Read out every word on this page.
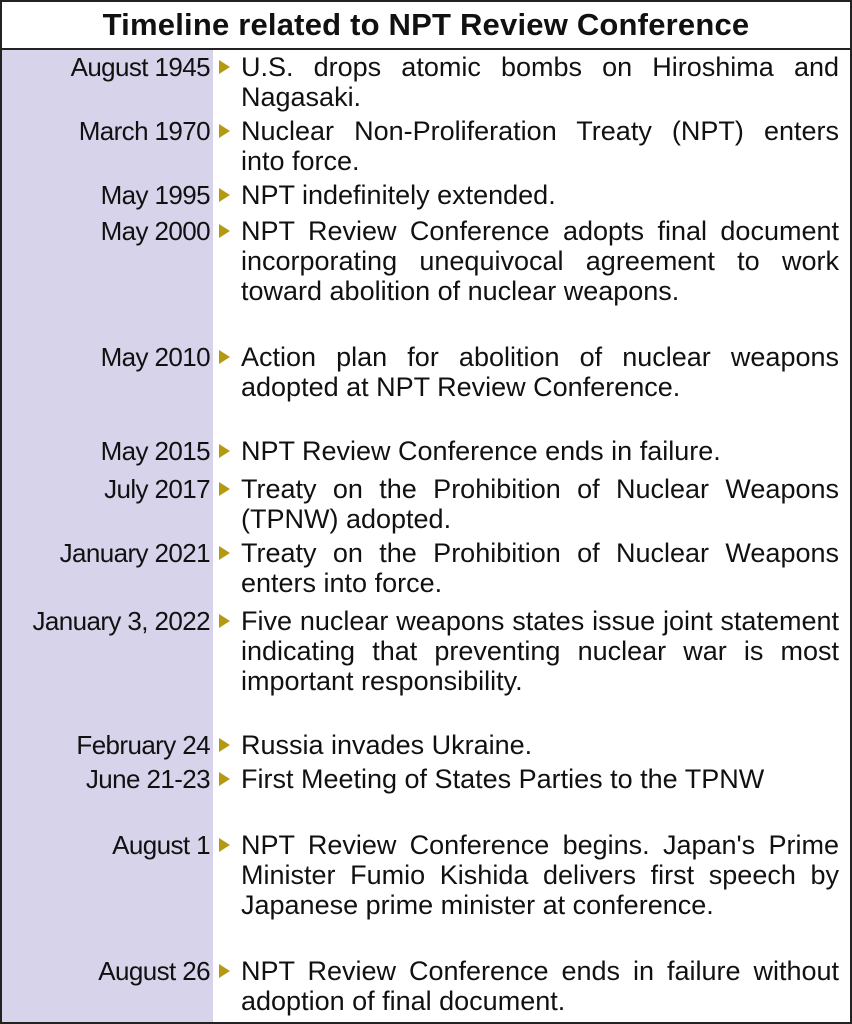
Timeline related to NPT Review Conference
August 1945 U.S. drops atomic bombs on Hiroshima and Nagasaki.
March 1970 Nuclear Non-Proliferation Treaty (NPT) enters into force.
May 1995 NPT indefinitely extended.
May 2000 NPT Review Conference adopts final document incorporating unequivocal agreement to work toward abolition of nuclear weapons.
May 2010 Action plan for abolition of nuclear weapons adopted at NPT Review Conference.
May 2015 NPT Review Conference ends in failure.
July 2017 Treaty on the Prohibition of Nuclear Weapons (TPNW) adopted.
January 2021 Treaty on the Prohibition of Nuclear Weapons enters into force.
January 3, 2022 Five nuclear weapons states issue joint statement indicating that preventing nuclear war is most important responsibility.
February 24 Russia invades Ukraine.
June 21-23 First Meeting of States Parties to the TPNW
August 1 NPT Review Conference begins. Japan's Prime Minister Fumio Kishida delivers first speech by Japanese prime minister at conference.
August 26 NPT Review Conference ends in failure without adoption of final document.
